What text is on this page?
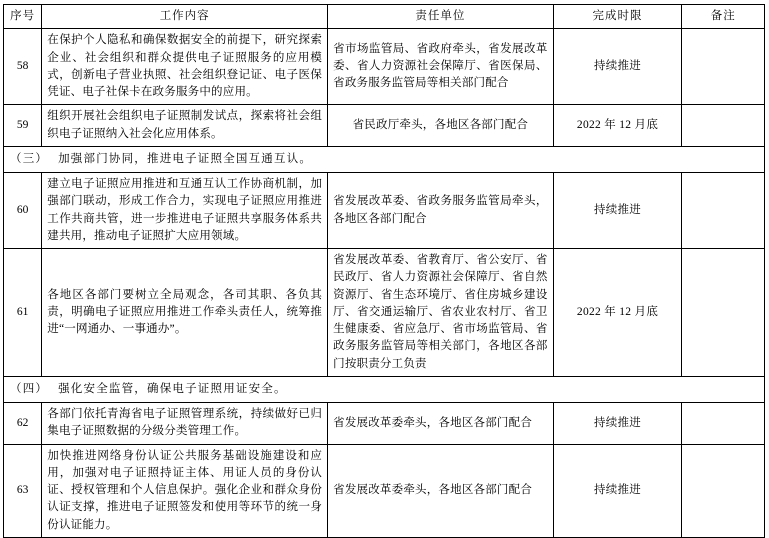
序号	工作内容	责任单位	完成时限	备注
58	在保护个人隐私和确保数据安全的前提下，研究探索企业、社会组织和群众提供电子证照服务的应用模式，创新电子营业执照、社会组织登记证、电子医保凭证、电子社保卡在政务服务中的应用。	省市场监管局、省政府牵头，省发展改革委、省人力资源社会保障厅、省医保局、省政务服务监管局等相关部门配合	持续推进	
59	组织开展社会组织电子证照制发试点，探索将社会组织电子证照纳入社会化应用体系。	省民政厅牵头，各地区各部门配合	2022 年 12 月底	
（三） 加强部门协同，推进电子证照全国互通互认。				
60	建立电子证照应用推进和互通互认工作协商机制，加强部门联动，形成工作合力，实现电子证照应用推进工作共商共管，进一步推进电子证照共享服务体系共建共用，推动电子证照扩大应用领域。	省发展改革委、省政务服务监管局牵头，各地区各部门配合	持续推进	
61	各地区各部门要树立全局观念，各司其职、各负其责，明确电子证照应用推进工作牵头责任人，统筹推进“一网通办、一事通办”。	省发展改革委、省教育厅、省公安厅、省民政厅、省人力资源社会保障厅、省自然资源厅、省生态环境厅、省住房城乡建设厅、省交通运输厅、省农业农村厅、省卫生健康委、省应急厅、省市场监管局、省政务服务监管局等相关部门，各地区各部门按职责分工负责	2022 年 12 月底	
（四） 强化安全监管，确保电子证照用证安全。				
62	各部门依托青海省电子证照管理系统，持续做好已归集电子证照数据的分级分类管理工作。	省发展改革委牵头，各地区各部门配合	持续推进	
63	加快推进网络身份认证公共服务基础设施建设和应用，加强对电子证照持证主体、用证人员的身份认证、授权管理和个人信息保护。强化企业和群众身份认证支撑，推进电子证照签发和使用等环节的统一身份认证能力。	省发展改革委牵头，各地区各部门配合	持续推进	
